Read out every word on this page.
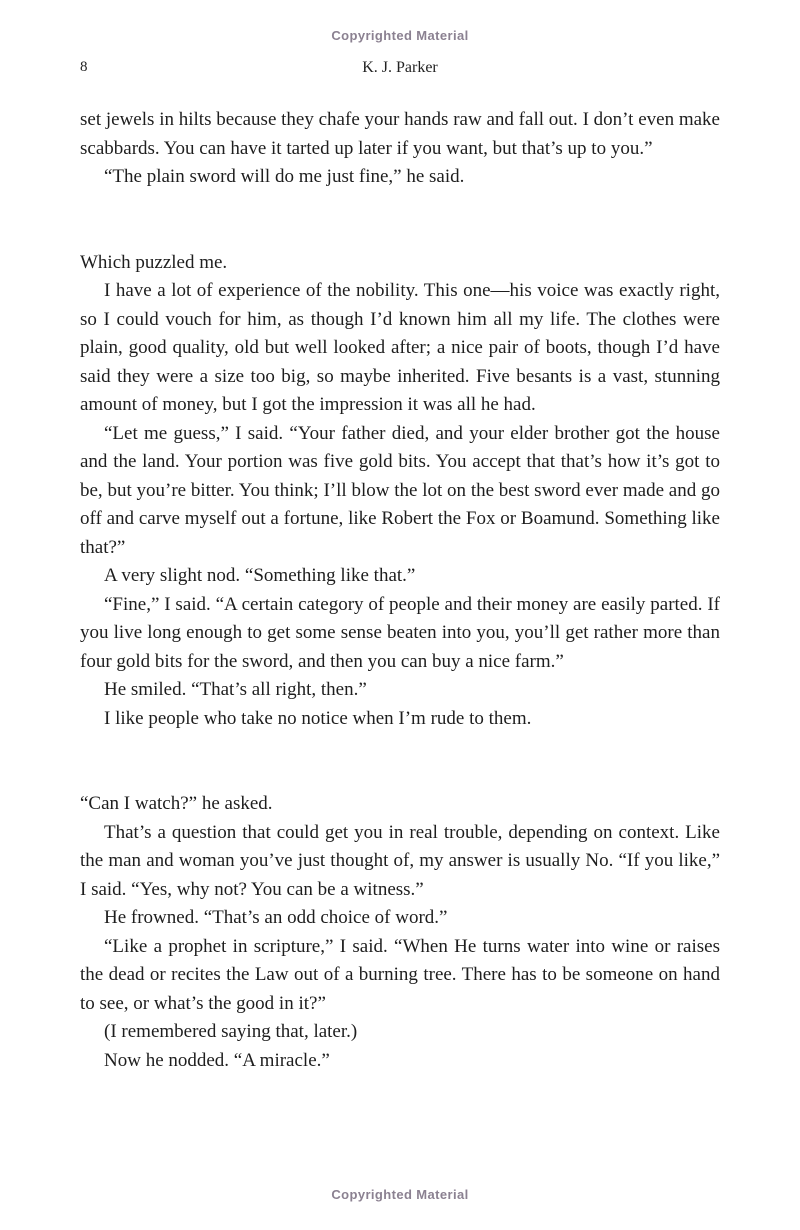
Copyrighted Material
8	K. J. Parker

set jewels in hilts because they chafe your hands raw and fall out. I don’t even make scabbards. You can have it tarted up later if you want, but that’s up to you.”

“The plain sword will do me just fine,” he said.

Which puzzled me.

I have a lot of experience of the nobility. This one—his voice was exactly right, so I could vouch for him, as though I’d known him all my life. The clothes were plain, good quality, old but well looked after; a nice pair of boots, though I’d have said they were a size too big, so maybe inherited. Five besants is a vast, stunning amount of money, but I got the impression it was all he had.

“Let me guess,” I said. “Your father died, and your elder brother got the house and the land. Your portion was five gold bits. You accept that that’s how it’s got to be, but you’re bitter. You think; I’ll blow the lot on the best sword ever made and go off and carve myself out a fortune, like Robert the Fox or Boamund. Something like that?”

A very slight nod. “Something like that.”

“Fine,” I said. “A certain category of people and their money are easily parted. If you live long enough to get some sense beaten into you, you’ll get rather more than four gold bits for the sword, and then you can buy a nice farm.”

He smiled. “That’s all right, then.”

I like people who take no notice when I’m rude to them.

“Can I watch?” he asked.

That’s a question that could get you in real trouble, depending on context. Like the man and woman you’ve just thought of, my answer is usually No. “If you like,” I said. “Yes, why not? You can be a witness.”

He frowned. “That’s an odd choice of word.”

“Like a prophet in scripture,” I said. “When He turns water into wine or raises the dead or recites the Law out of a burning tree. There has to be someone on hand to see, or what’s the good in it?”

(I remembered saying that, later.)

Now he nodded. “A miracle.”

Copyrighted Material
